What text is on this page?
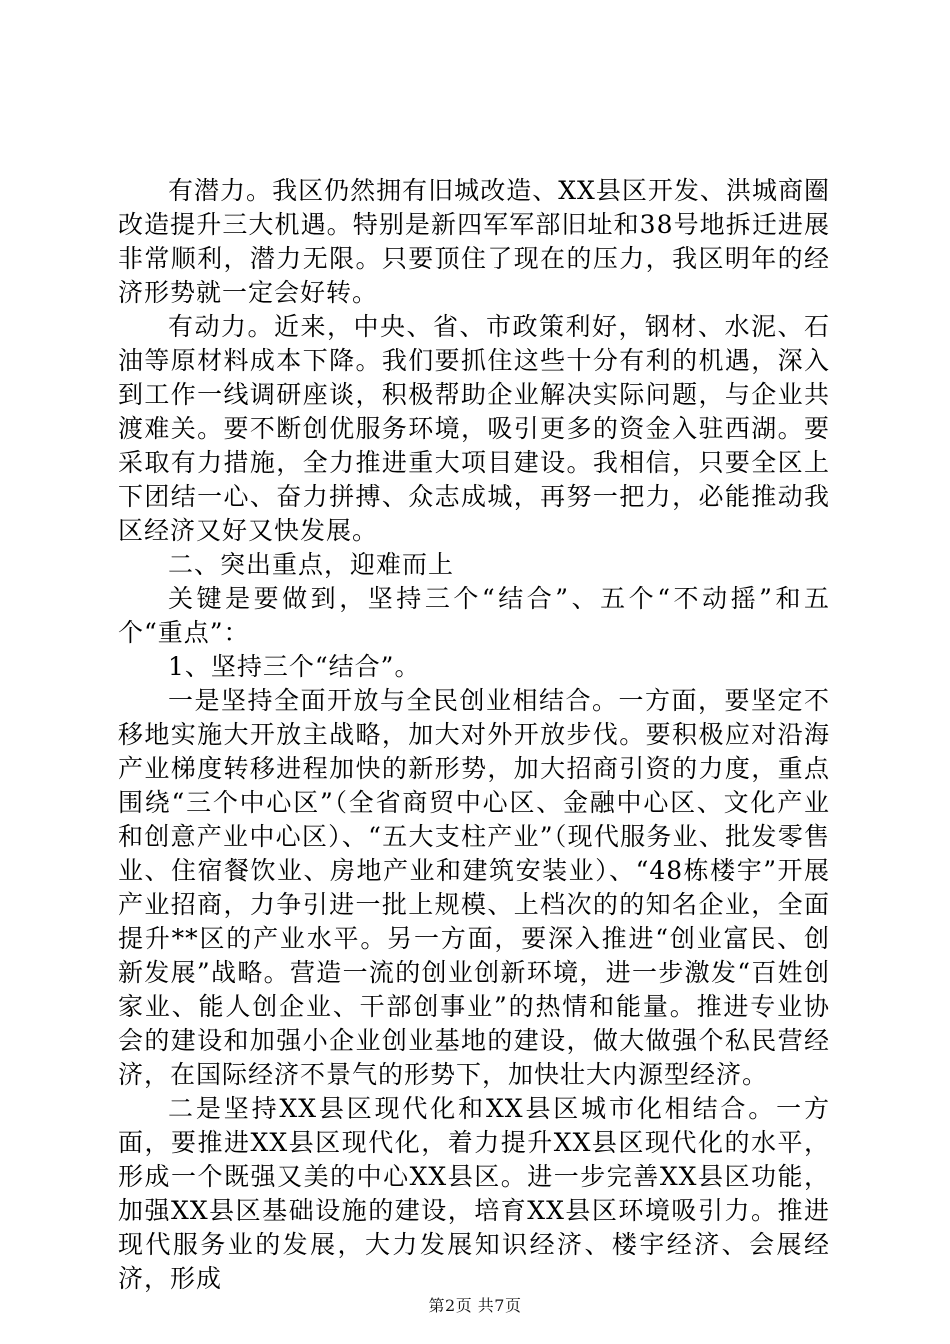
有潜力。我区仍然拥有旧城改造、XX县区开发、洪城商圈改造提升三大机遇。特别是新四军军部旧址和38号地拆迁进展非常顺利，潜力无限。只要顶住了现在的压力，我区明年的经济形势就一定会好转。

有动力。近来，中央、省、市政策利好，钢材、水泥、石油等原材料成本下降。我们要抓住这些十分有利的机遇，深入到工作一线调研座谈，积极帮助企业解决实际问题，与企业共渡难关。要不断创优服务环境，吸引更多的资金入驻西湖。要采取有力措施，全力推进重大项目建设。我相信，只要全区上下团结一心、奋力拼搏、众志成城，再努一把力，必能推动我区经济又好又快发展。

二、突出重点，迎难而上

关键是要做到，坚持三个“结合”、五个“不动摇”和五个“重点”：

1、坚持三个“结合”。

一是坚持全面开放与全民创业相结合。一方面，要坚定不移地实施大开放主战略，加大对外开放步伐。要积极应对沿海产业梯度转移进程加快的新形势，加大招商引资的力度，重点围绕“三个中心区”（全省商贸中心区、金融中心区、文化产业和创意产业中心区）、“五大支柱产业”（现代服务业、批发零售业、住宿餐饮业、房地产业和建筑安装业）、“48栋楼宇”开展产业招商，力争引进一批上规模、上档次的的知名企业，全面提升**区的产业水平。另一方面，要深入推进“创业富民、创新发展”战略。营造一流的创业创新环境，进一步激发“百姓创家业、能人创企业、干部创事业”的热情和能量。推进专业协会的建设和加强小企业创业基地的建设，做大做强个私民营经济，在国际经济不景气的形势下，加快壮大内源型经济。

二是坚持XX县区现代化和XX县区城市化相结合。一方面，要推进XX县区现代化，着力提升XX县区现代化的水平，形成一个既强又美的中心XX县区。进一步完善XX县区功能，加强XX县区基础设施的建设，培育XX县区环境吸引力。推进现代服务业的发展，大力发展知识经济、楼宇经济、会展经济，形成

第2页 共7页
